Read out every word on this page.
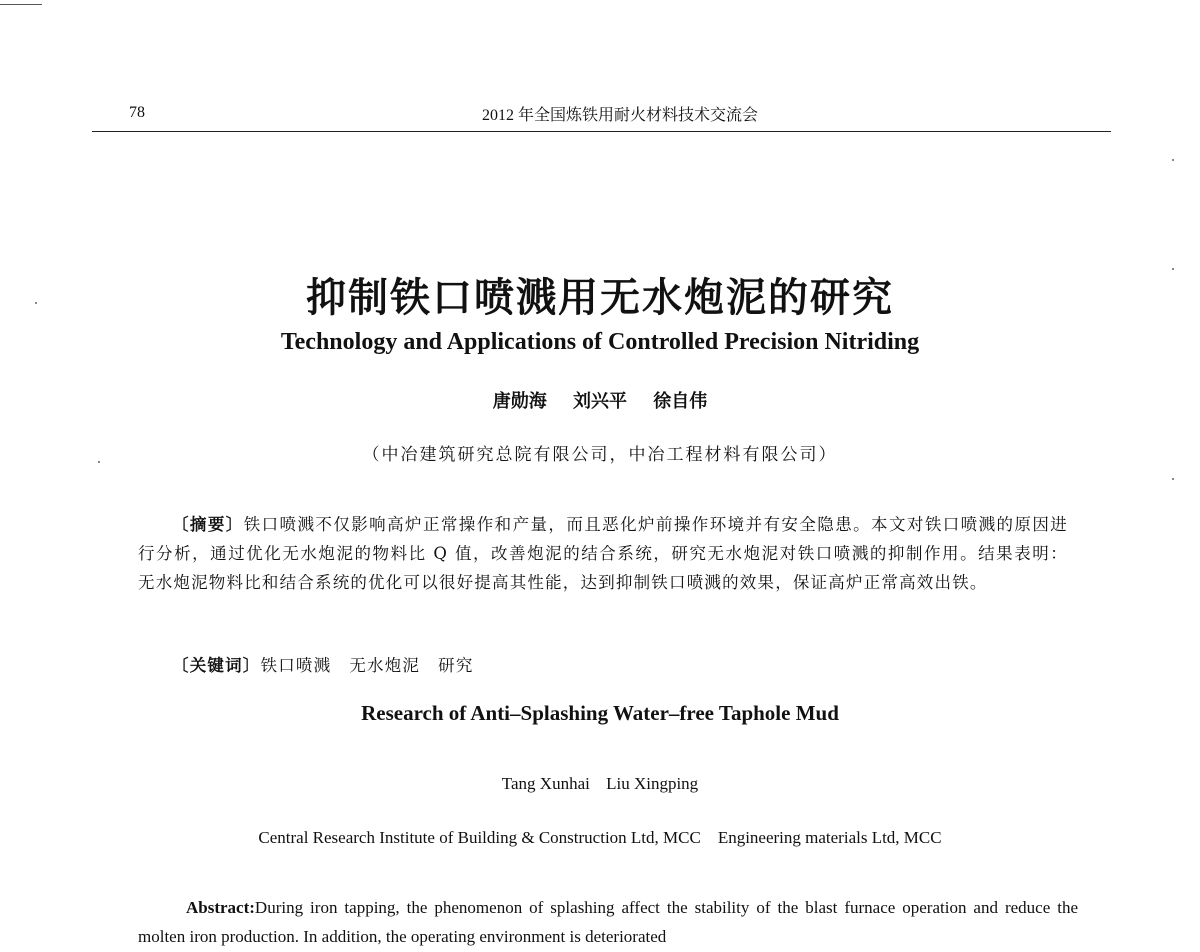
78	2012 年全国炼铁用耐火材料技术交流会
抑制铁口喷溅用无水炮泥的研究
Technology and Applications of Controlled Precision Nitriding
唐勋海 刘兴平 徐自伟
（中冶建筑研究总院有限公司，中冶工程材料有限公司）

〔摘要〕铁口喷溅不仅影响高炉正常操作和产量，而且恶化炉前操作环境并有安全隐患。本文对铁口喷溅的原因进行分析，通过优化无水炮泥的物料比 Q 值，改善炮泥的结合系统，研究无水炮泥对铁口喷溅的抑制作用。结果表明：无水炮泥物料比和结合系统的优化可以很好提高其性能，达到抑制铁口喷溅的效果，保证高炉正常高效出铁。

〔关键词〕铁口喷溅 无水炮泥 研究
Research of Anti–Splashing Water–free Taphole Mud
Tang Xunhai Liu Xingping
Central Research Institute of Building & Construction Ltd, MCC    Engineering materials Ltd, MCC

Abstract:During iron tapping, the phenomenon of splashing affect the stability of the blast furnace operation and reduce the molten iron production. In addition, the operating environment is deteriorated
